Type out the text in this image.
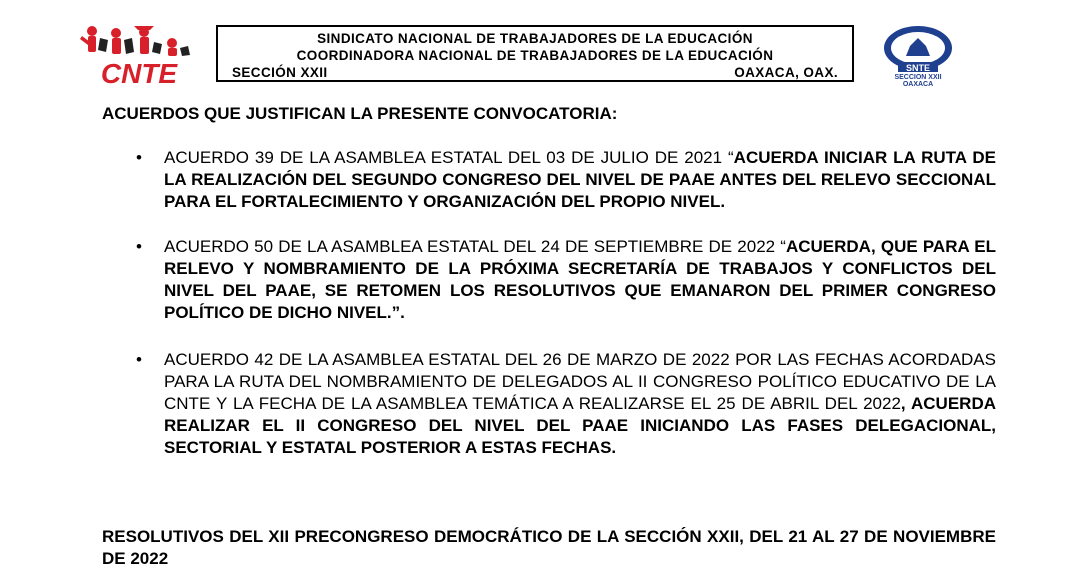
CNTE
SINDICATO NACIONAL DE TRABAJADORES DE LA EDUCACIÓN
COORDINADORA NACIONAL DE TRABAJADORES DE LA EDUCACIÓN
SECCIÓN XXII	OAXACA, OAX.	SNTE
SECCION XXII
OAXACA
ACUERDOS QUE JUSTIFICAN LA PRESENTE CONVOCATORIA:
• ACUERDO 39 DE LA ASAMBLEA ESTATAL DEL 03 DE JULIO DE 2021 “ACUERDA INICIAR LA RUTA DE LA REALIZACIÓN DEL SEGUNDO CONGRESO DEL NIVEL DE PAAE ANTES DEL RELEVO SECCIONAL PARA EL FORTALECIMIENTO Y ORGANIZACIÓN DEL PROPIO NIVEL.
• ACUERDO 50 DE LA ASAMBLEA ESTATAL DEL 24 DE SEPTIEMBRE DE 2022 “ACUERDA, QUE PARA EL RELEVO Y NOMBRAMIENTO DE LA PRÓXIMA SECRETARÍA DE TRABAJOS Y CONFLICTOS DEL NIVEL DEL PAAE, SE RETOMEN LOS RESOLUTIVOS QUE EMANARON DEL PRIMER CONGRESO POLÍTICO DE DICHO NIVEL.”.
• ACUERDO 42 DE LA ASAMBLEA ESTATAL DEL 26 DE MARZO DE 2022 POR LAS FECHAS ACORDADAS PARA LA RUTA DEL NOMBRAMIENTO DE DELEGADOS AL II CONGRESO POLÍTICO EDUCATIVO DE LA CNTE Y LA FECHA DE LA ASAMBLEA TEMÁTICA A REALIZARSE EL 25 DE ABRIL DEL 2022, ACUERDA REALIZAR EL II CONGRESO DEL NIVEL DEL PAAE INICIANDO LAS FASES DELEGACIONAL, SECTORIAL Y ESTATAL POSTERIOR A ESTAS FECHAS.
RESOLUTIVOS DEL XII PRECONGRESO DEMOCRÁTICO DE LA SECCIÓN XXII, DEL 21 AL 27 DE NOVIEMBRE DE 2022
